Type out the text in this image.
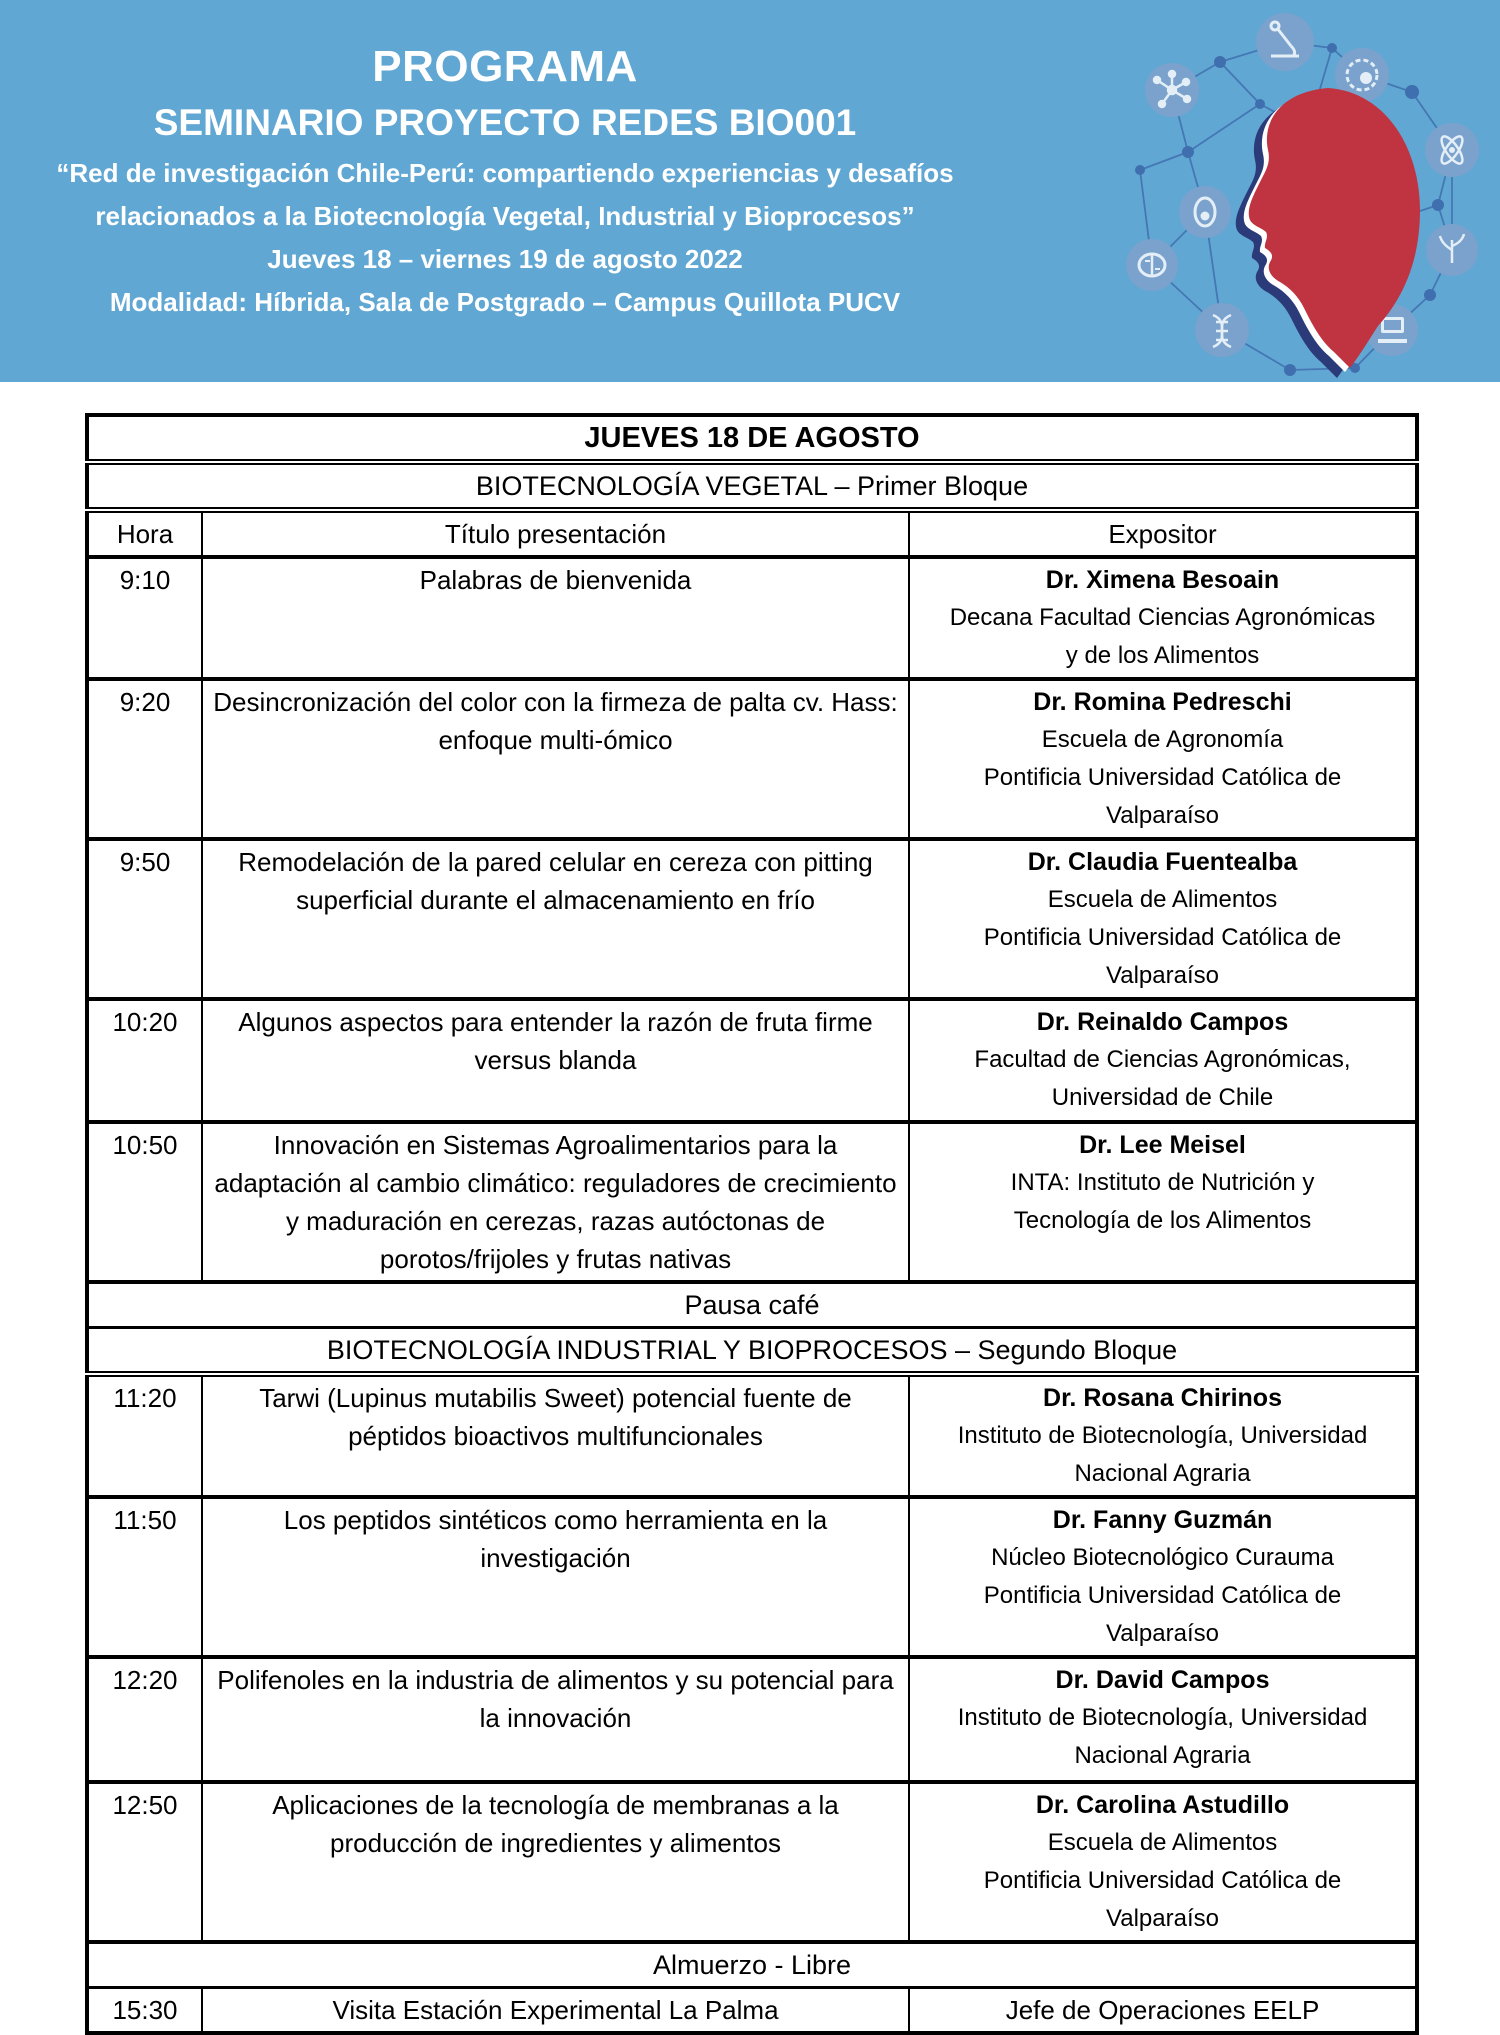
PROGRAMA
SEMINARIO PROYECTO REDES BIO001
“Red de investigación Chile-Perú: compartiendo experiencias y desafíos
relacionados a la Biotecnología Vegetal, Industrial y Bioprocesos”
Jueves 18 – viernes 19 de agosto 2022
Modalidad: Híbrida, Sala de Postgrado – Campus Quillota PUCV
JUEVES 18 DE AGOSTO		
BIOTECNOLOGÍA VEGETAL – Primer Bloque		
Hora	Título presentación	Expositor
9:10	Palabras de bienvenida	Dr. Ximena Besoain
Decana Facultad Ciencias Agronómicas
y de los Alimentos

9:20	Desincronización del color con la firmeza de palta cv. Hass: enfoque multi-ómico	Dr. Romina Pedreschi
Escuela de Agronomía
Pontificia Universidad Católica de
Valparaíso

9:50	Remodelación de la pared celular en cereza con pitting superficial durante el almacenamiento en frío	Dr. Claudia Fuentealba
Escuela de Alimentos
Pontificia Universidad Católica de
Valparaíso

10:20	Algunos aspectos para entender la razón de fruta firme versus blanda	Dr. Reinaldo Campos
Facultad de Ciencias Agronómicas,
Universidad de Chile

10:50	Innovación en Sistemas Agroalimentarios para la adaptación al cambio climático: reguladores de crecimiento y maduración en cerezas, razas autóctonas de porotos/frijoles y frutas nativas	Dr. Lee Meisel
INTA: Instituto de Nutrición y
Tecnología de los Alimentos

Pausa café		
BIOTECNOLOGÍA INDUSTRIAL Y BIOPROCESOS – Segundo Bloque		
11:20	Tarwi (Lupinus mutabilis Sweet) potencial fuente de péptidos bioactivos multifuncionales	Dr. Rosana Chirinos
Instituto de Biotecnología, Universidad
Nacional Agraria

11:50	Los peptidos sintéticos como herramienta en la investigación	Dr. Fanny Guzmán
Núcleo Biotecnológico Curauma
Pontificia Universidad Católica de
Valparaíso

12:20	Polifenoles en la industria de alimentos y su potencial para la innovación	Dr. David Campos
Instituto de Biotecnología, Universidad
Nacional Agraria

12:50	Aplicaciones de la tecnología de membranas a la producción de ingredientes y alimentos	Dr. Carolina Astudillo
Escuela de Alimentos
Pontificia Universidad Católica de
Valparaíso

Almuerzo - Libre		
15:30	Visita Estación Experimental La Palma	Jefe de Operaciones EELP
